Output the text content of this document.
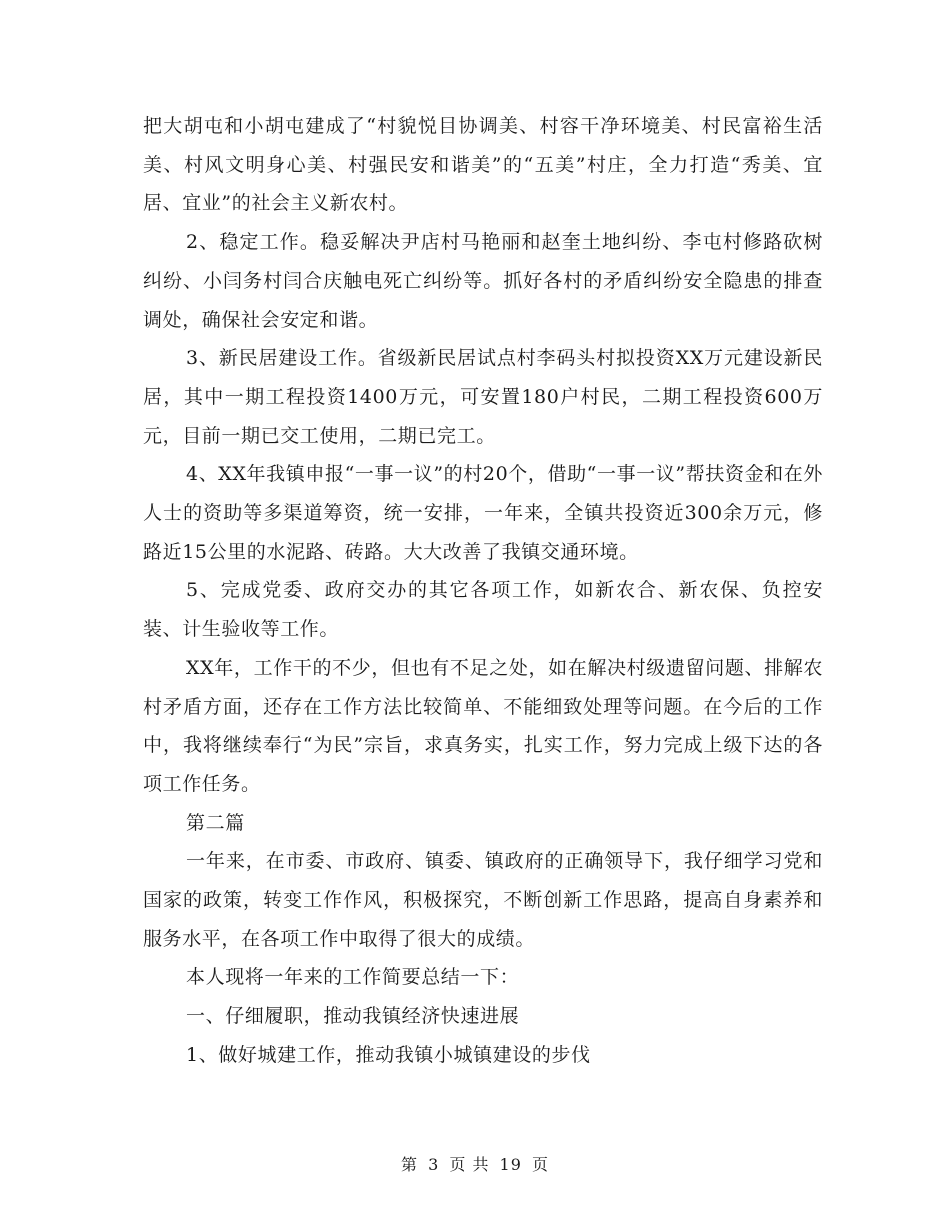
把大胡屯和小胡屯建成了“村貌悦目协调美、村容干净环境美、村民富裕生活美、村风文明身心美、村强民安和谐美”的“五美”村庄，全力打造“秀美、宜居、宜业”的社会主义新农村。

2、稳定工作。稳妥解决尹店村马艳丽和赵奎土地纠纷、李屯村修路砍树纠纷、小闫务村闫合庆触电死亡纠纷等。抓好各村的矛盾纠纷安全隐患的排查调处，确保社会安定和谐。

3、新民居建设工作。省级新民居试点村李码头村拟投资XX万元建设新民居，其中一期工程投资1400万元，可安置180户村民，二期工程投资600万元，目前一期已交工使用，二期已完工。

4、XX年我镇申报“一事一议”的村20个，借助“一事一议”帮扶资金和在外人士的资助等多渠道筹资，统一安排，一年来，全镇共投资近300余万元，修路近15公里的水泥路、砖路。大大改善了我镇交通环境。

5、完成党委、政府交办的其它各项工作，如新农合、新农保、负控安装、计生验收等工作。

XX年，工作干的不少，但也有不足之处，如在解决村级遗留问题、排解农村矛盾方面，还存在工作方法比较简单、不能细致处理等问题。在今后的工作中，我将继续奉行“为民”宗旨，求真务实，扎实工作，努力完成上级下达的各项工作任务。

第二篇

一年来，在市委、市政府、镇委、镇政府的正确领导下，我仔细学习党和国家的政策，转变工作作风，积极探究，不断创新工作思路，提高自身素养和服务水平，在各项工作中取得了很大的成绩。

本人现将一年来的工作简要总结一下：

一、仔细履职，推动我镇经济快速进展

1、做好城建工作，推动我镇小城镇建设的步伐

第 3 页 共 19 页
